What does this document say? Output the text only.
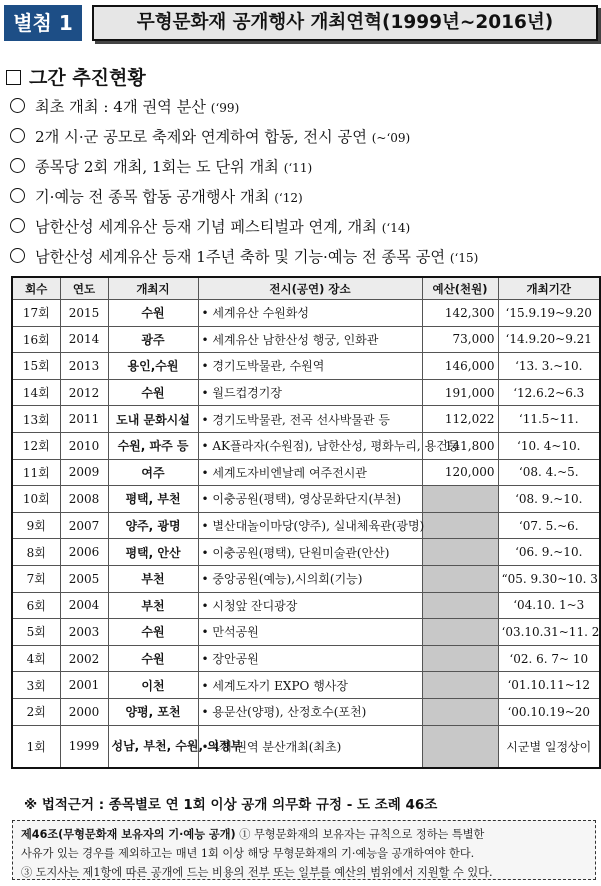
별첨 1	무형문화재 공개행사 개최연혁(1999년~2016년)
그간 추진현황
최초 개최 : 4개 권역 분산 (‘99)
2개 시·군 공모로 축제와 연계하여 합동, 전시 공연 (~‘09)
종목당 2회 개최, 1회는 도 단위 개최 (‘11)
기·예능 전 종목 합동 공개행사 개최 (‘12)
남한산성 세계유산 등재 기념 페스티벌과 연계, 개최 (‘14)
남한산성 세계유산 등재 1주년 축하 및 기능·예능 전 종목 공연 (‘15)
회수	연도	개최지	전시(공연) 장소	예산(천원)	개최기간
17회	2015	수원	• 세계유산 수원화성	142,300	‘15.9.19~9.20
16회	2014	광주	• 세계유산 남한산성 행궁, 인화관	73,000	‘14.9.20~9.21
15회	2013	용인,수원	• 경기도박물관, 수원역	146,000	‘13. 3.~10.
14회	2012	수원	• 월드컵경기장	191,000	‘12.6.2~6.3
13회	2011	도내 문화시설	• 경기도박물관, 전곡 선사박물관 등	112,022	‘11.5~11.
12회	2010	수원, 파주 등	• AK플라자(수원점), 남한산성, 평화누리, 용건등	141,800	‘10. 4~10.
11회	2009	여주	• 세계도자비엔날레 여주전시관	120,000	‘08. 4.~5.
10회	2008	평택, 부천	• 이충공원(평택), 영상문화단지(부천)		‘08. 9.~10.
9회	2007	양주, 광명	• 별산대놀이마당(양주), 실내체육관(광명)		‘07. 5.~6.
8회	2006	평택, 안산	• 이충공원(평택), 단원미술관(안산)		‘06. 9.~10.
7회	2005	부천	• 중앙공원(예능),시의회(기능)		“05. 9.30~10. 3
6회	2004	부천	• 시청앞 잔디광장		‘04.10. 1~3
5회	2003	수원	• 만석공원		‘03.10.31~11. 2
4회	2002	수원	• 장안공원		‘02. 6. 7~ 10
3회	2001	이천	• 세계도자기 EXPO 행사장		‘01.10.11~12
2회	2000	양평, 포천	• 용문산(양평), 산정호수(포천)		‘00.10.19~20
1회	1999	성남, 부천, 수원, 의정부	• 4개 권역 분산개최(최초)		시군별 일정상이
※ 법적근거 : 종목별로 연 1회 이상 공개 의무화 규정 - 도 조례 46조

제46조(무형문화재 보유자의 기·예능 공개) ① 무형문화재의 보유자는 규칙으로 정하는 특별한

사유가 있는 경우를 제외하고는 매년 1회 이상 해당 무형문화재의 기·예능을 공개하여야 한다.

③ 도지사는 제1항에 따른 공개에 드는 비용의 전부 또는 일부를 예산의 범위에서 지원할 수 있다.
